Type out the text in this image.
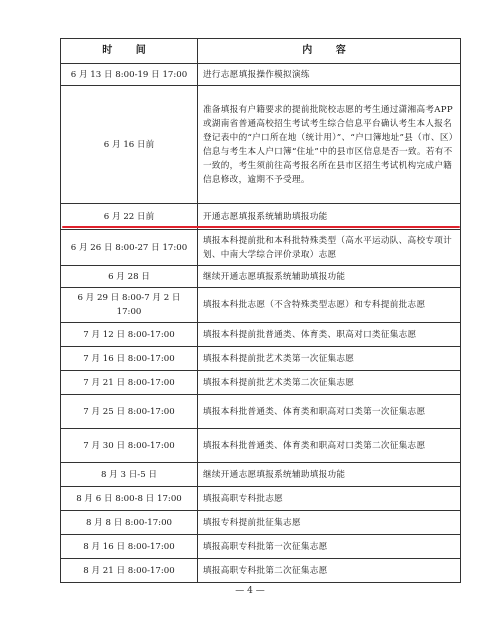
时 间	内 容
6 月 13 日 8:00-19 日 17:00	进行志愿填报操作模拟演练
6 月 16 日前	准备填报有户籍要求的提前批院校志愿的考生通过潇湘高考APP或湖南省普通高校招生考试考生综合信息平台确认考生本人报名登记表中的“户口所在地（统计用）”、“户口簿地址”县（市、区）信息与考生本人户口簿“住址”中的县市区信息是否一致。若有不一致的，考生须前往高考报名所在县市区招生考试机构完成户籍信息修改，逾期不予受理。
6 月 22 日前	开通志愿填报系统辅助填报功能
6 月 26 日 8:00-27 日 17:00	填报本科提前批和本科批特殊类型（高水平运动队、高校专项计划、中南大学综合评价录取）志愿
6 月 28 日	继续开通志愿填报系统辅助填报功能
6 月 29 日 8:00-7 月 2 日 17:00	填报本科批志愿（不含特殊类型志愿）和专科提前批志愿
7 月 12 日 8:00-17:00	填报本科提前批普通类、体育类、职高对口类征集志愿
7 月 16 日 8:00-17:00	填报本科提前批艺术类第一次征集志愿
7 月 21 日 8:00-17:00	填报本科提前批艺术类第二次征集志愿
7 月 25 日 8:00-17:00	填报本科批普通类、体育类和职高对口类第一次征集志愿
7 月 30 日 8:00-17:00	填报本科批普通类、体育类和职高对口类第二次征集志愿
8 月 3 日-5 日	继续开通志愿填报系统辅助填报功能
8 月 6 日 8:00-8 日 17:00	填报高职专科批志愿
8 月 8 日 8:00-17:00	填报专科提前批征集志愿
8 月 16 日 8:00-17:00	填报高职专科批第一次征集志愿
8 月 21 日 8:00-17:00	填报高职专科批第二次征集志愿
— 4 —
